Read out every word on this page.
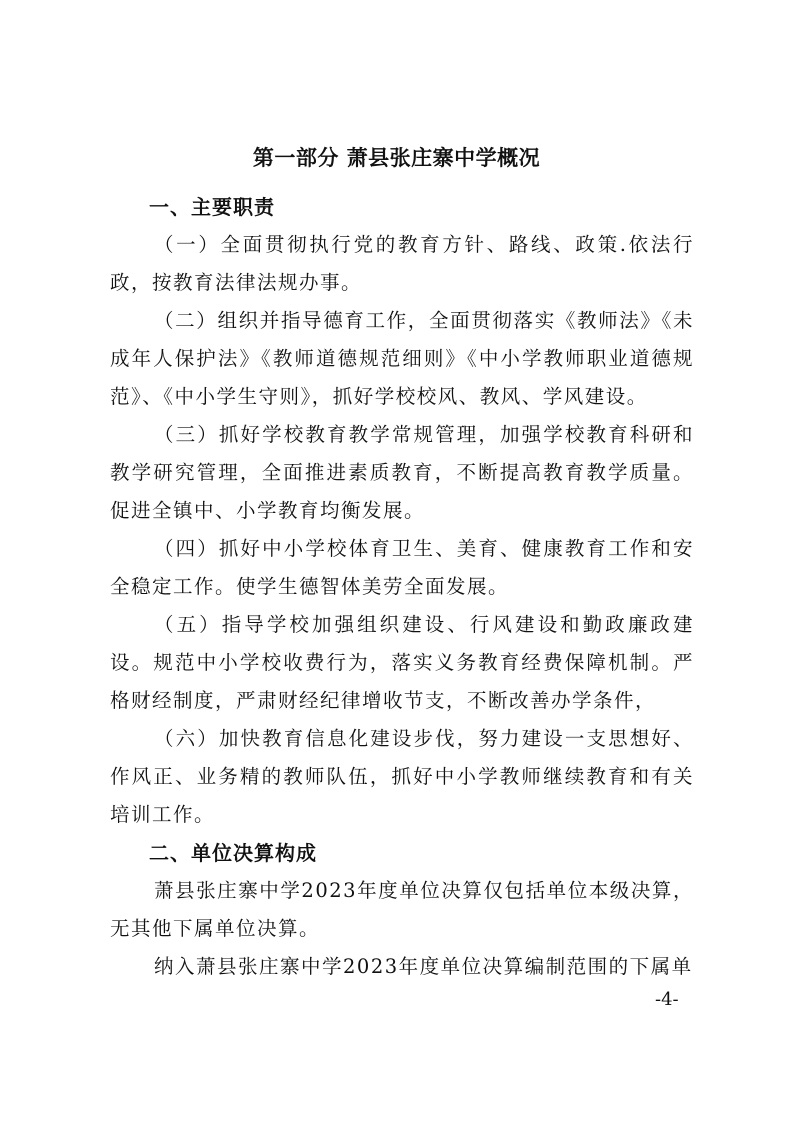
第一部分 萧县张庄寨中学概况
一、主要职责

（一）全面贯彻执行党的教育方针、路线、政策.依法行政，按教育法律法规办事。

（二）组织并指导德育工作，全面贯彻落实《教师法》《未成年人保护法》《教师道德规范细则》《中小学教师职业道德规范》、《中小学生守则》，抓好学校校风、教风、学风建设。

（三）抓好学校教育教学常规管理，加强学校教育科研和教学研究管理，全面推进素质教育，不断提高教育教学质量。促进全镇中、小学教育均衡发展。

（四）抓好中小学校体育卫生、美育、健康教育工作和安全稳定工作。使学生德智体美劳全面发展。

（五）指导学校加强组织建设、行风建设和勤政廉政建设。规范中小学校收费行为，落实义务教育经费保障机制。严格财经制度，严肃财经纪律增收节支，不断改善办学条件，

（六）加快教育信息化建设步伐，努力建设一支思想好、作风正、业务精的教师队伍，抓好中小学教师继续教育和有关培训工作。

二、单位决算构成

萧县张庄寨中学2023年度单位决算仅包括单位本级决算，无其他下属单位决算。

纳入萧县张庄寨中学2023年度单位决算编制范围的下属单

-4-
